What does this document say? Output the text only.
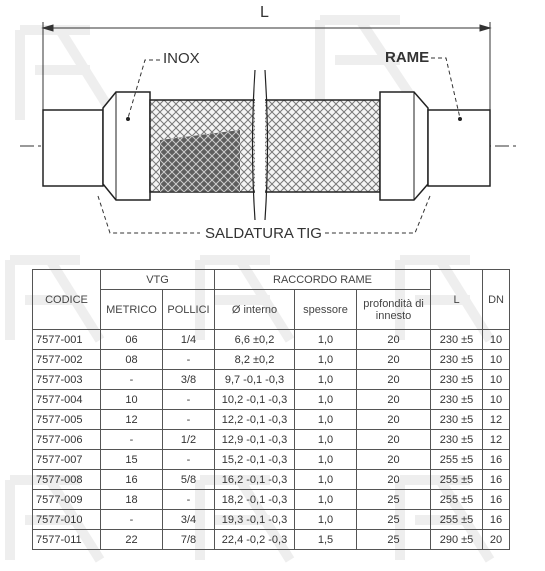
L
INOX	RAME
SALDATURA TIG
CODICE	VTG		RACCORDO RAME			L	DN
	METRICO	POLLICI	Ø interno	spessore	profondità di innesto		
7577-001	06	1/4	6,6 ±0,2	1,0	20	230 ±5	10
7577-002	08	-	8,2 ±0,2	1,0	20	230 ±5	10
7577-003	-	3/8	9,7 -0,1 -0,3	1,0	20	230 ±5	10
7577-004	10	-	10,2 -0,1 -0,3	1,0	20	230 ±5	10
7577-005	12	-	12,2 -0,1 -0,3	1,0	20	230 ±5	12
7577-006	-	1/2	12,9 -0,1 -0,3	1,0	20	230 ±5	12
7577-007	15	-	15,2 -0,1 -0,3	1,0	20	255 ±5	16
7577-008	16	5/8	16,2 -0,1 -0,3	1,0	20	255 ±5	16
7577-009	18	-	18,2 -0,1 -0,3	1,0	25	255 ±5	16
7577-010	-	3/4	19,3 -0,1 -0,3	1,0	25	255 ±5	16
7577-011	22	7/8	22,4 -0,2 -0,3	1,5	25	290 ±5	20
